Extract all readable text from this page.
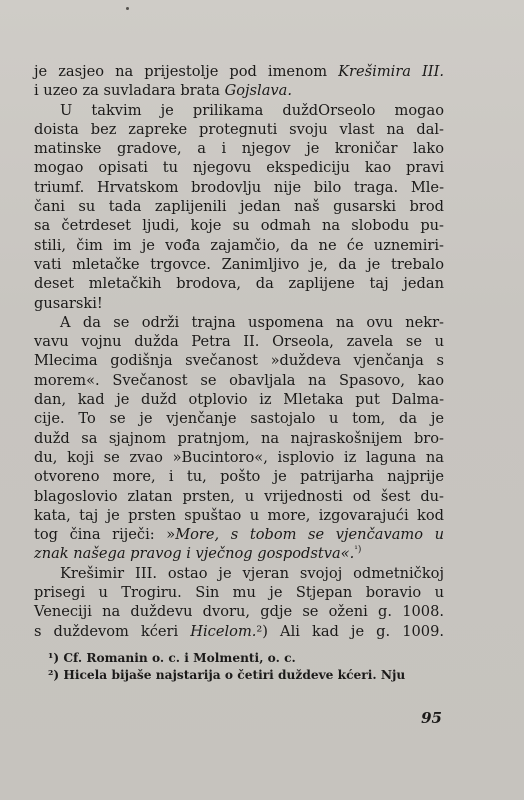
je zasjeo na prijestolje pod imenom Krešimira III.
i uzeo za suvladara brata Gojslava.
U takvim je prilikama duždOrseolo mogao
doista bez zapreke protegnuti svoju vlast na dal-
matinske gradove, a i njegov je kroničar lako
mogao opisati tu njegovu ekspediciju kao pravi
triumf. Hrvatskom brodovlju nije bilo traga. Mle-
čani su tada zaplijenili jedan naš gusarski brod
sa četrdeset ljudi, koje su odmah na slobodu pu-
stili, čim im je vođa zajamčio, da ne će uznemiri-
vati mletačke trgovce. Zanimljivo je, da je trebalo
deset mletačkih brodova, da zaplijene taj jedan
gusarski!
A da se održi trajna uspomena na ovu nekr-
vavu vojnu dužda Petra II. Orseola, zavela se u
Mlecima godišnja svečanost »duždeva vjenčanja s
morem«. Svečanost se obavljala na Spasovo, kao
dan, kad je dužd otplovio iz Mletaka put Dalma-
cije. To se je vjenčanje sastojalo u tom, da je
dužd sa sjajnom pratnjom, na najraskošnijem bro-
du, koji se zvao »Bucintoro«, isplovio iz laguna na
otvoreno more, i tu, pošto je patrijarha najprije
blagoslovio zlatan prsten, u vrijednosti od šest du-
kata, taj je prsten spuštao u more, izgovarajući kod
tog čina riječi: »More, s tobom se vjenčavamo u
znak našega pravog i vječnog gospodstva«.$^{^1)}$
Krešimir III. ostao je vjeran svojoj odmetničkoj
prisegi u Trogiru. Sin mu je Stjepan boravio u
Veneciji na duždevu dvoru, gdje se oženi g. 1008.
s duždevom kćeri Hicelom.²) Ali kad je g. 1009.
¹) Cf. Romanin o. c. i Molmenti, o. c.
²) Hicela bijaše najstarija o četiri duždeve kćeri. Nju
95
